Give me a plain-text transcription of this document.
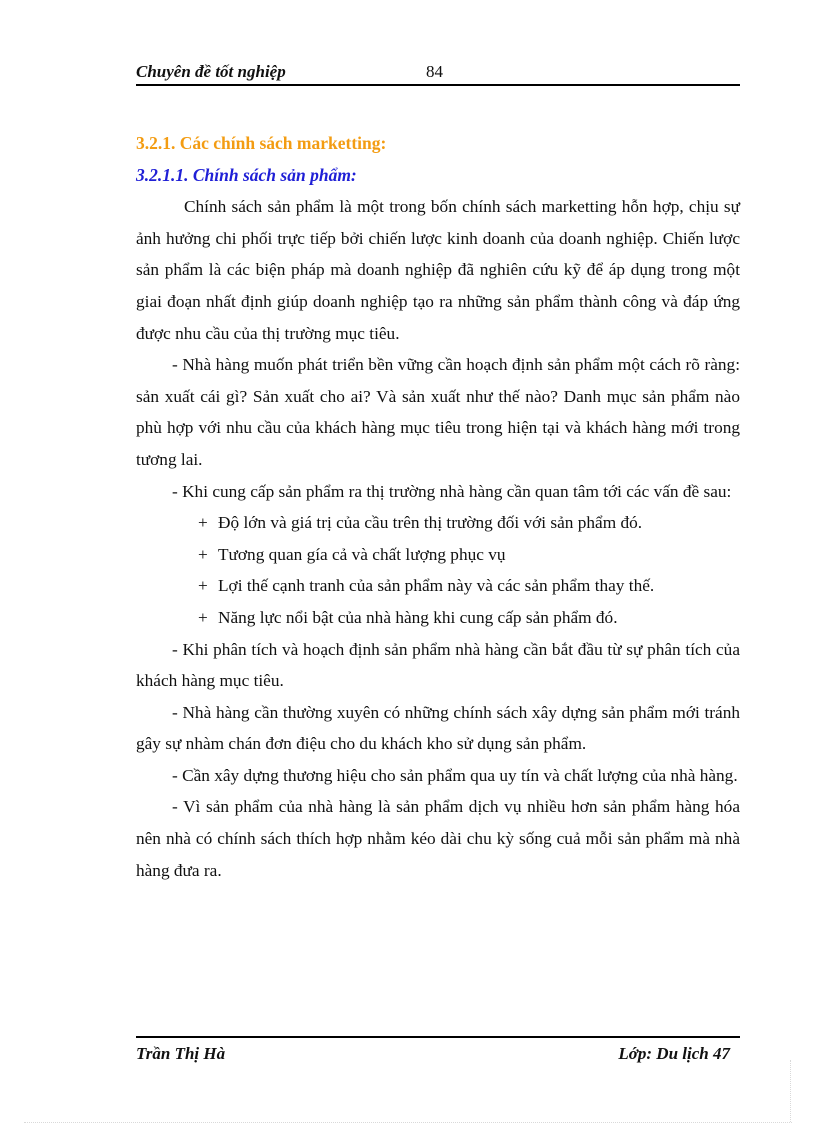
Chuyên đề tốt nghiệp	84

3.2.1. Các chính sách marketting:

3.2.1.1. Chính sách sản phẩm:

Chính sách sản phẩm là một trong bốn chính sách marketting hỗn hợp, chịu sự ảnh hưởng chi phối trực tiếp bởi chiến lược kinh doanh của doanh nghiệp. Chiến lược sản phẩm là các biện pháp mà doanh nghiệp đã nghiên cứu kỹ để áp dụng trong một giai đoạn nhất định giúp doanh nghiệp tạo ra những sản phẩm thành công và đáp ứng được nhu cầu của thị trường mục tiêu.

- Nhà hàng muốn phát triển bền vững cần hoạch định sản phẩm một cách rõ ràng: sản xuất cái gì? Sản xuất cho ai? Và sản xuất như thế nào? Danh mục sản phẩm nào phù hợp với nhu cầu của khách hàng mục tiêu trong hiện tại và khách hàng mới trong tương lai.

- Khi cung cấp sản phẩm ra thị trường nhà hàng cần quan tâm tới các vấn đề sau:

+ Độ lớn và giá trị của cầu trên thị trường đối với sản phẩm đó.

+ Tương quan gía cả và chất lượng phục vụ

+ Lợi thế cạnh tranh của sản phẩm này và các sản phẩm thay thế.

+ Năng lực nổi bật của nhà hàng khi cung cấp sản phẩm đó.

- Khi phân tích và hoạch định sản phẩm nhà hàng cần bắt đầu từ sự phân tích của khách hàng mục tiêu.

- Nhà hàng cần thường xuyên có những chính sách xây dựng sản phẩm mới tránh gây sự nhàm chán đơn điệu cho du khách kho sử dụng sản phẩm.

- Cần xây dựng thương hiệu cho sản phẩm qua uy tín và chất lượng của nhà hàng.

- Vì sản phẩm của nhà hàng là sản phẩm dịch vụ nhiều hơn sản phẩm hàng hóa nên nhà có chính sách thích hợp nhằm kéo dài chu kỳ sống cuả mỗi sản phẩm mà nhà hàng đưa ra.

Trần Thị Hà	Lớp: Du lịch 47
